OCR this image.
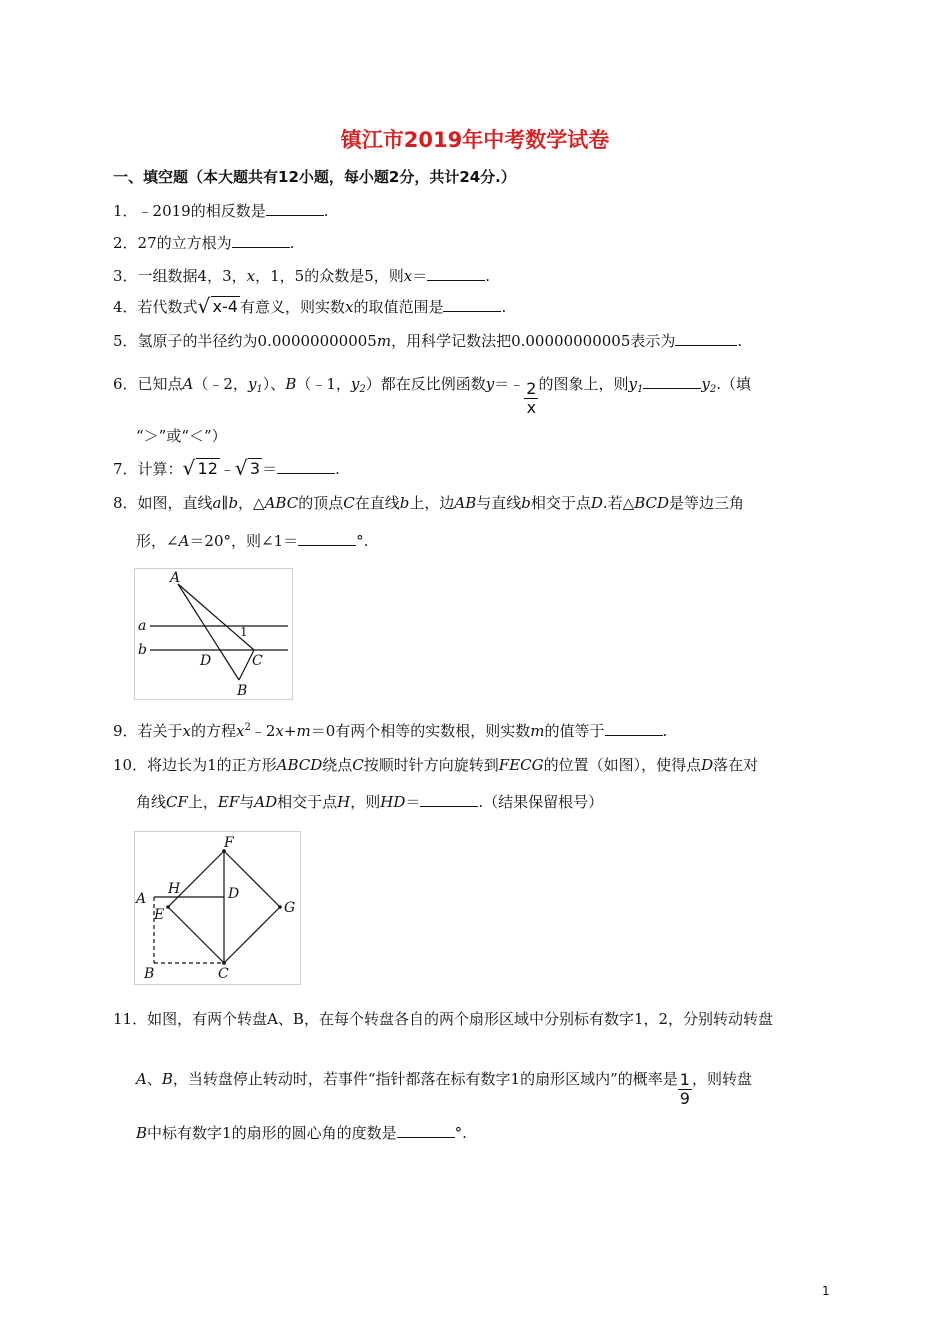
镇江市2019年中考数学试卷
一、填空题（本大题共有12小题，每小题2分，共计24分.）
1．﹣2019的相反数是	.
2．27的立方根为	.
3．一组数据4，3，x，1，5的众数是5，则x＝	.
4．若代数式 √ x-4 有意义，则实数x的取值范围是	.
5．氢原子的半径约为0.00000000005m，用科学记数法把0.00000000005表示为	.
6．已知点A（﹣2，$y_1$）、B（﹣1，$y_2$）都在反比例函数y＝﹣ $\frac{2}{x}$ 的图象上，则$y_1$	$y_2$.（填
“＞”或“＜”）
7．计算： √ 12 ﹣ √ 3 ＝	.
8．如图，直线a∥b，△ABC的顶点C在直线b上，边AB与直线b相交于点D.若△BCD是等边三角
形，∠A＝20°，则∠1＝	°.
A
a
b
1
D	C
B
9．若关于x的方程$x^2﹣2x+m=0$有两个相等的实数根，则实数m的值等于	.
10．将边长为1的正方形ABCD绕点C按顺时针方向旋转到FECG的位置（如图），使得点D落在对
角线CF上，EF与AD相交于点H，则HD＝	.（结果保留根号）
F
A
H	D
E	G
B	C
11．如图，有两个转盘A、B，在每个转盘各自的两个扇形区域中分别标有数字1，2，分别转动转盘
A、B，当转盘停止转动时，若事件“指针都落在标有数字1的扇形区域内”的概率是 $\frac{1}{9}$ ，则转盘
B中标有数字1的扇形的圆心角的度数是	°.
1
